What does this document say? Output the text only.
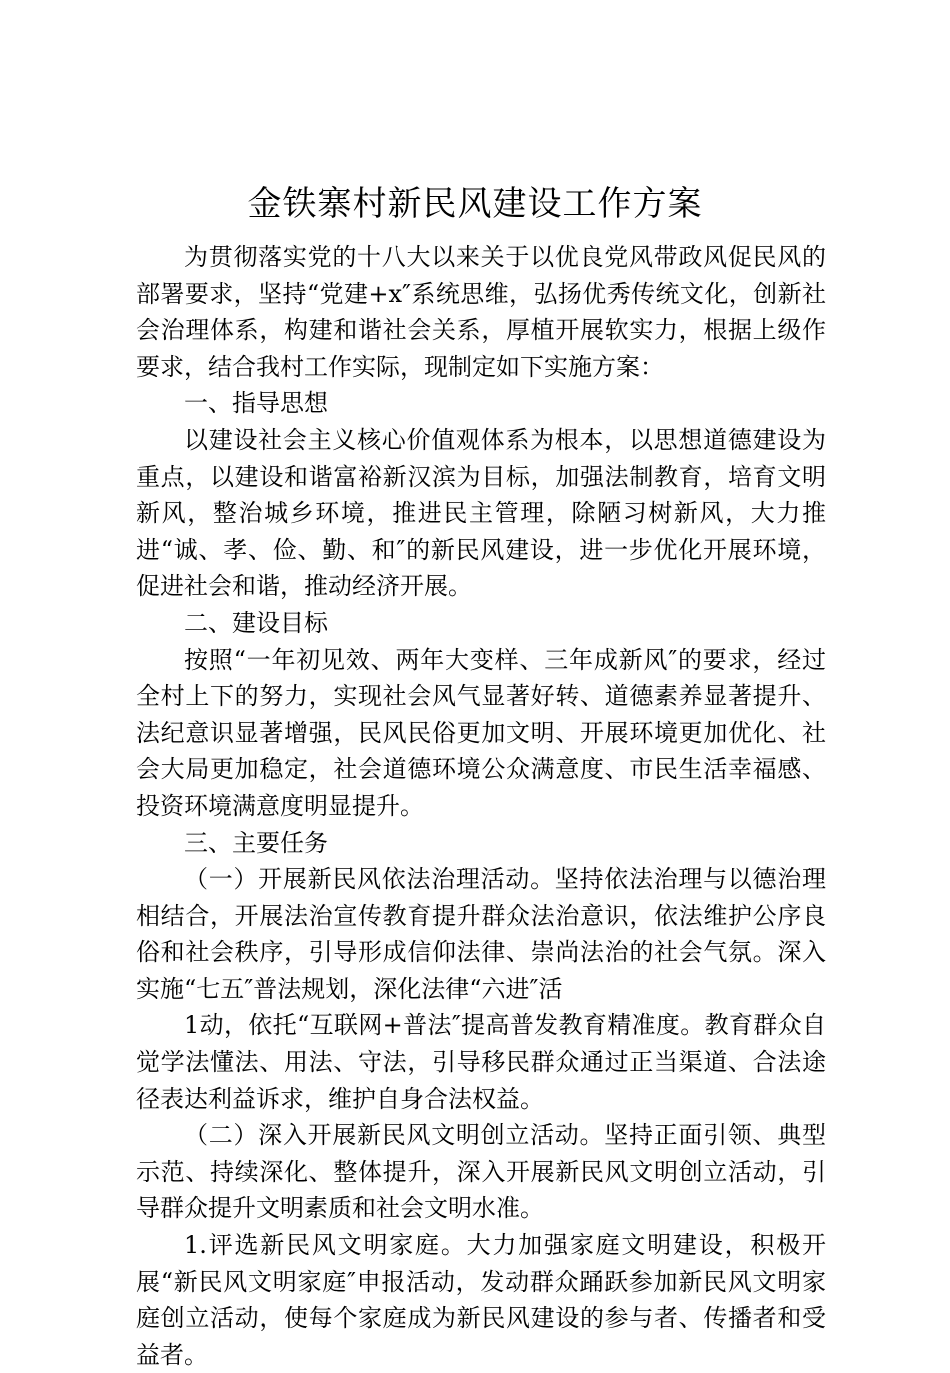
金铁寨村新民风建设工作方案

为贯彻落实党的十八大以来关于以优良党风带政风促民风的部署要求，坚持“党建+x″系统思维，弘扬优秀传统文化，创新社会治理体系，构建和谐社会关系，厚植开展软实力，根据上级作要求，结合我村工作实际，现制定如下实施方案：

一、指导思想

以建设社会主义核心价值观体系为根本，以思想道德建设为重点，以建设和谐富裕新汉滨为目标，加强法制教育，培育文明新风，整治城乡环境，推进民主管理，除陋习树新风，大力推进“诚、孝、俭、勤、和″的新民风建设，进一步优化开展环境，促进社会和谐，推动经济开展。

二、建设目标

按照“一年初见效、两年大变样、三年成新风″的要求，经过全村上下的努力，实现社会风气显著好转、道德素养显著提升、法纪意识显著增强，民风民俗更加文明、开展环境更加优化、社会大局更加稳定，社会道德环境公众满意度、市民生活幸福感、投资环境满意度明显提升。

三、主要任务

（一）开展新民风依法治理活动。坚持依法治理与以德治理相结合，开展法治宣传教育提升群众法治意识，依法维护公序良俗和社会秩序，引导形成信仰法律、崇尚法治的社会气氛。深入实施“七五″普法规划，深化法律“六进″活

1动，依托“互联网+普法″提高普发教育精准度。教育群众自觉学法懂法、用法、守法，引导移民群众通过正当渠道、合法途径表达利益诉求，维护自身合法权益。

（二）深入开展新民风文明创立活动。坚持正面引领、典型示范、持续深化、整体提升，深入开展新民风文明创立活动，引导群众提升文明素质和社会文明水准。

1.评选新民风文明家庭。大力加强家庭文明建设，积极开展“新民风文明家庭″申报活动，发动群众踊跃参加新民风文明家庭创立活动，使每个家庭成为新民风建设的参与者、传播者和受益者。
